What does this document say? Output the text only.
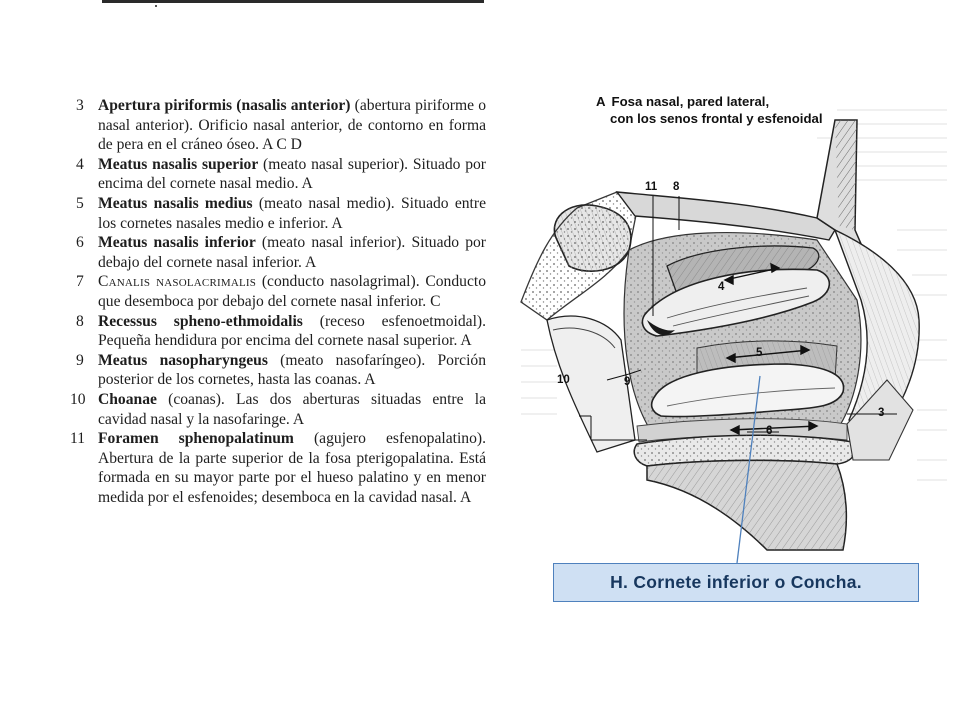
3 Apertura piriformis (nasalis anterior) (abertura piriforme o nasal anterior). Orificio nasal anterior, de contorno en forma de pera en el cráneo óseo. A C D
4 Meatus nasalis superior (meato nasal superior). Situado por encima del cornete nasal medio. A
5 Meatus nasalis medius (meato nasal medio). Situado entre los cornetes nasales medio e inferior. A
6 Meatus nasalis inferior (meato nasal inferior). Situado por debajo del cornete nasal inferior. A
7 Canalis nasolacrimalis (conducto nasolagrimal). Conducto que desemboca por debajo del cornete nasal inferior. C
8 Recessus spheno-ethmoidalis (receso esfenoetmoidal). Pequeña hendidura por encima del cornete nasal superior. A
9 Meatus nasopharyngeus (meato nasofaríngeo). Porción posterior de los cornetes, hasta las coanas. A
10 Choanae (coanas). Las dos aberturas situadas entre la cavidad nasal y la nasofaringe. A
11 Foramen sphenopalatinum (agujero esfenopalatino). Abertura de la parte superior de la fosa pterigopalatina. Está formada en su mayor parte por el hueso palatino y en menor medida por el esfenoides; desemboca en la cavidad nasal. A
A Fosa nasal, pared lateral,
con los senos frontal y esfenoidal
11 8
4
5
10	9
3
6
H. Cornete inferior o Concha.
